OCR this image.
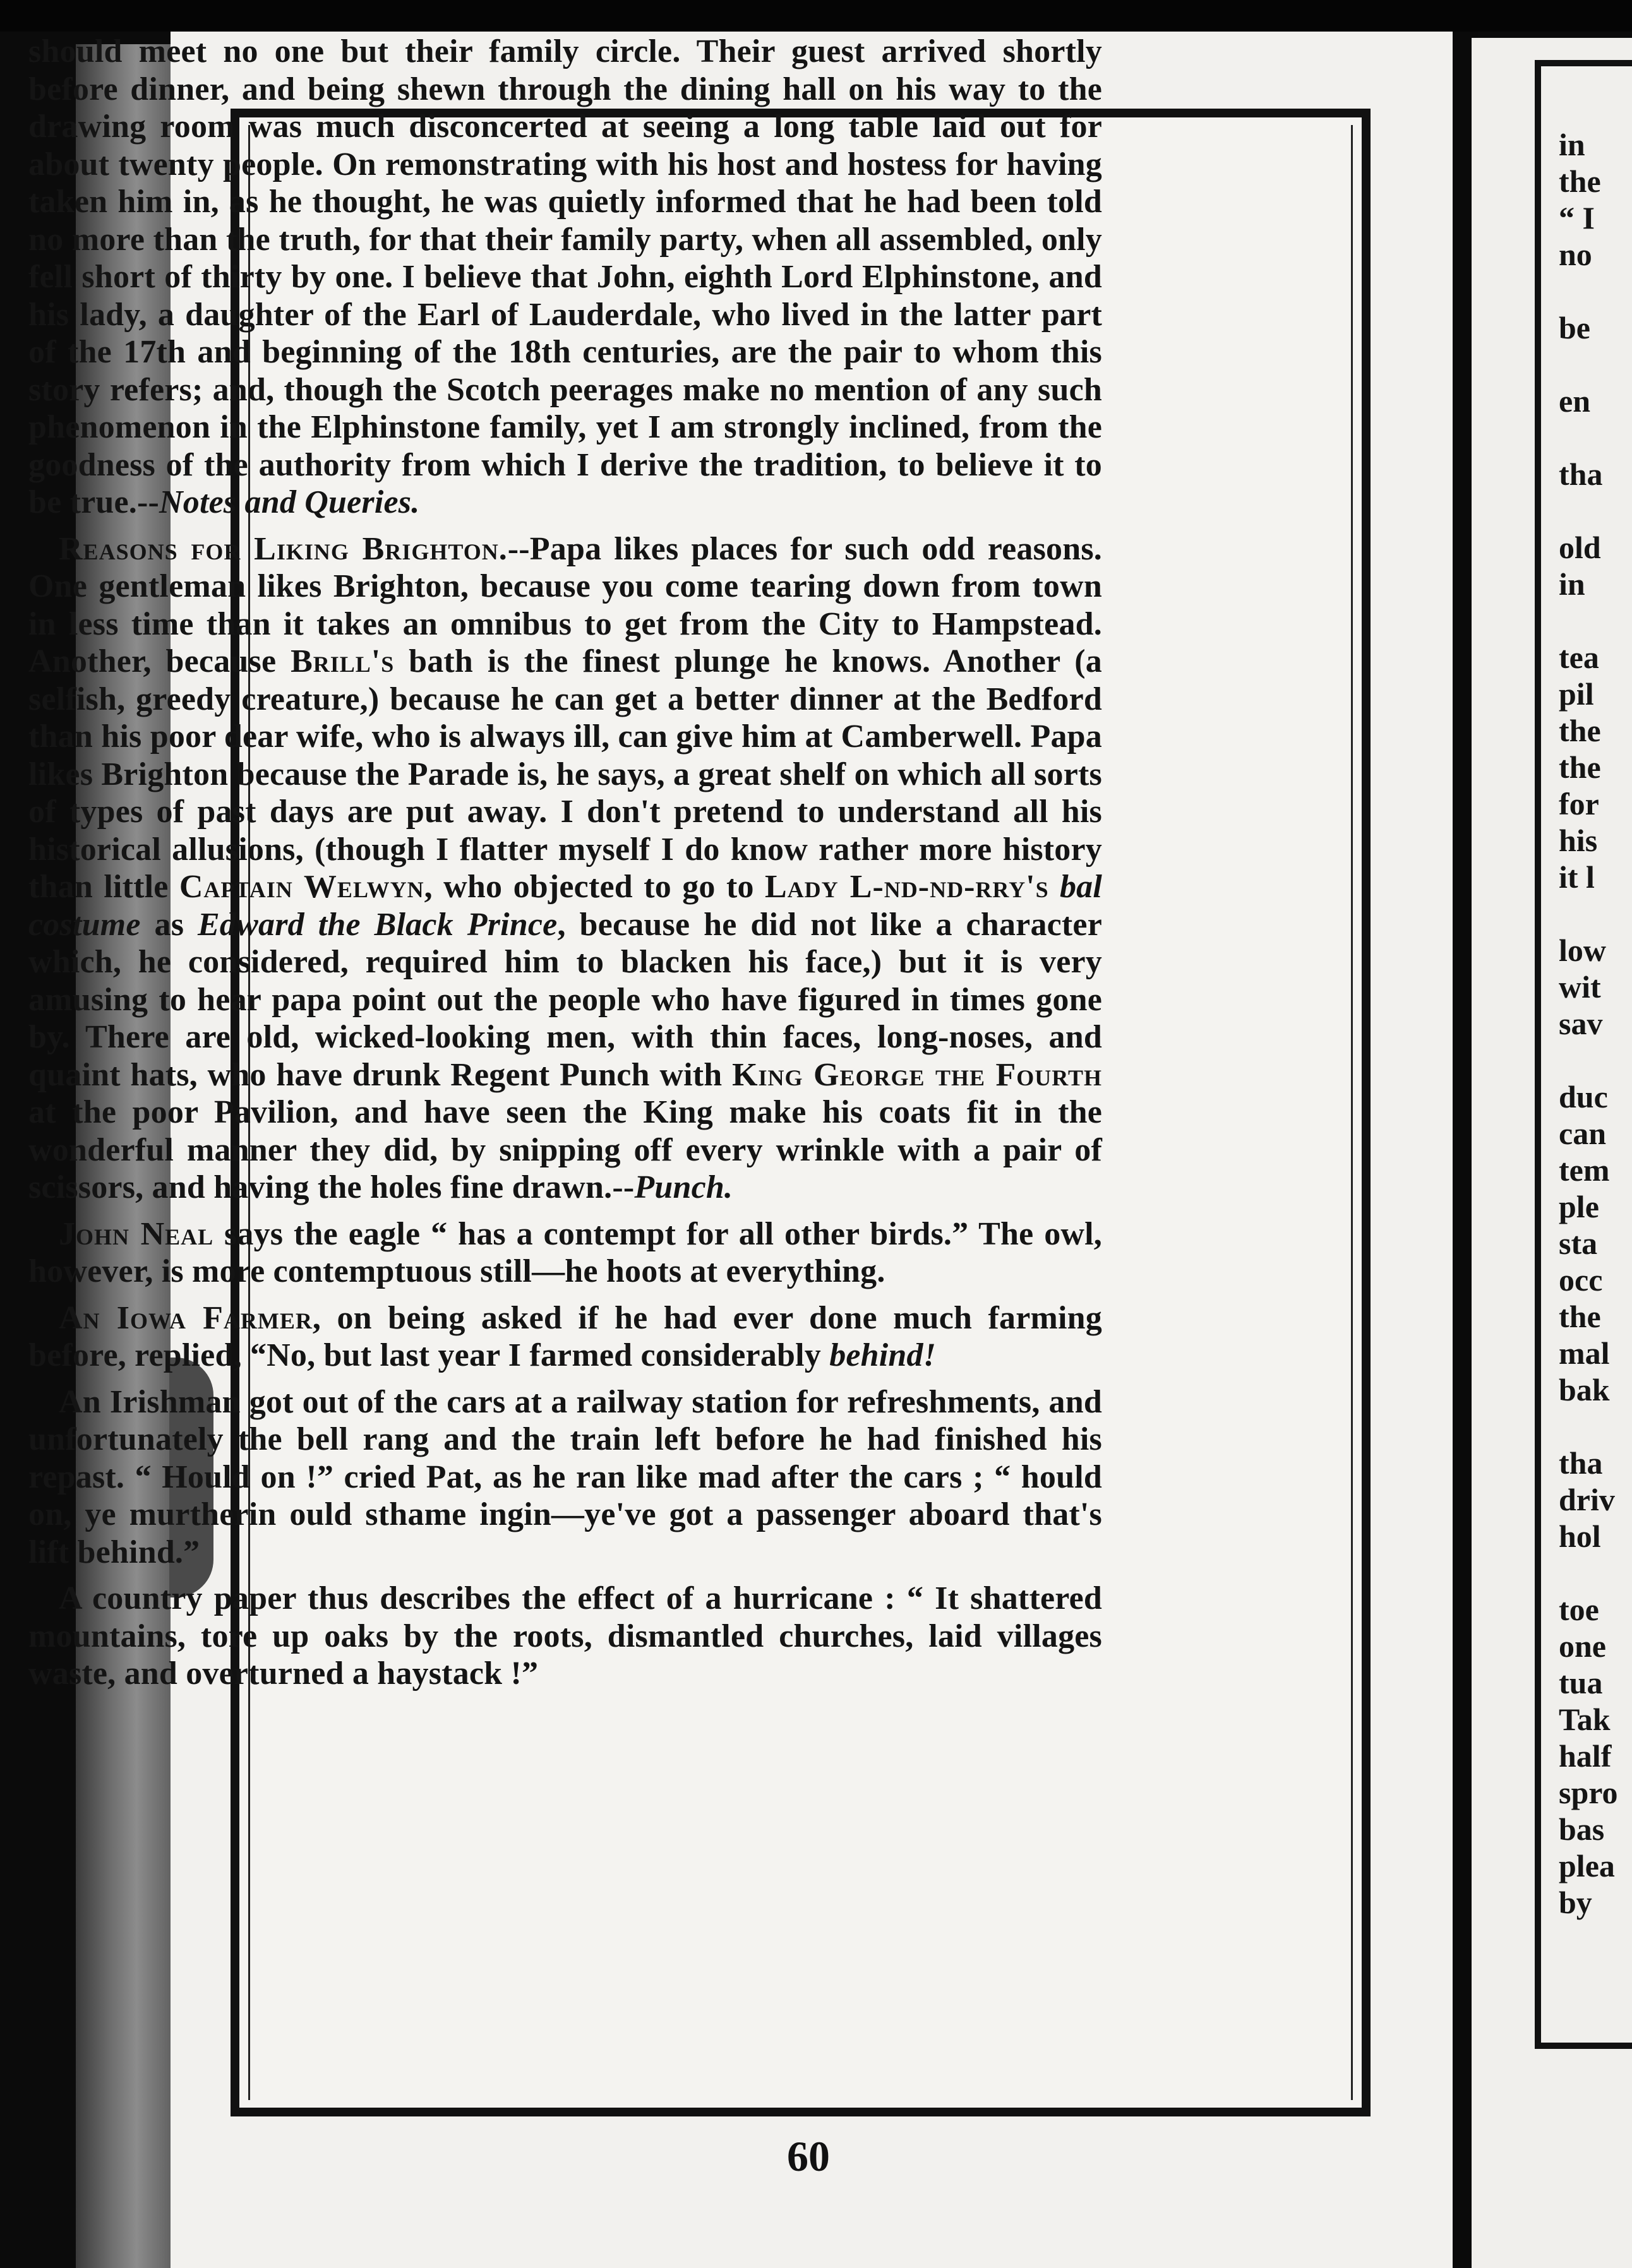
should meet no one but their family circle. Their guest arrived shortly before dinner, and being shewn through the dining hall on his way to the drawing room was much disconcerted at seeing a long table laid out for about twenty people. On remonstrating with his host and hostess for having taken him in, as he thought, he was quietly informed that he had been told no more than the truth, for that their family party, when all assembled, only fell short of thirty by one. I believe that John, eighth Lord Elphinstone, and his lady, a daughter of the Earl of Lauderdale, who lived in the latter part of the 17th and beginning of the 18th centuries, are the pair to whom this story refers; and, though the Scotch peerages make no mention of any such phenomenon in the Elphinstone family, yet I am strongly inclined, from the goodness of the authority from which I derive the tradition, to believe it to be true.--Notes and Queries.

Reasons for Liking Brighton.--Papa likes places for such odd reasons. One gentleman likes Brighton, because you come tearing down from town in less time than it takes an omnibus to get from the City to Hampstead. Another, because Brill's bath is the finest plunge he knows. Another (a selfish, greedy creature,) because he can get a better dinner at the Bedford than his poor dear wife, who is always ill, can give him at Camberwell. Papa likes Brighton because the Parade is, he says, a great shelf on which all sorts of types of past days are put away. I don't pretend to understand all his historical allusions, (though I flatter myself I do know rather more history than little Captain Welwyn, who objected to go to Lady L-nd-nd-rry's bal costume as Edward the Black Prince, because he did not like a character which, he considered, required him to blacken his face,) but it is very amusing to hear papa point out the people who have figured in times gone by. There are old, wicked-looking men, with thin faces, long-noses, and quaint hats, who have drunk Regent Punch with King George the Fourth at the poor Pavilion, and have seen the King make his coats fit in the wonderful manner they did, by snipping off every wrinkle with a pair of scissors, and having the holes fine drawn.--Punch.

John Neal says the eagle “ has a contempt for all other birds.” The owl, however, is more contemptuous still—he hoots at everything.

An Iowa Farmer, on being asked if he had ever done much farming before, replied, “No, but last year I farmed considerably behind!

An Irishman got out of the cars at a railway station for refreshments, and unfortunately the bell rang and the train left before he had finished his repast. “ Hould on !” cried Pat, as he ran like mad after the cars ; “ hould on, ye murtherin ould sthame ingin—ye've got a passenger aboard that's lift behind.”

A country paper thus describes the effect of a hurricane : “ It shattered mountains, tore up oaks by the roots, dismantled churches, laid villages waste, and overturned a haystack !”

60
in
the
“ I
no
be
en
tha
old
in
tea
pil
the
the
for
his
it l
low
wit
sav
duc
can
tem
ple
sta
occ
the
mal
bak
tha
driv
hol
toe
one
tua
Tak
half
spro
bas
plea
by
